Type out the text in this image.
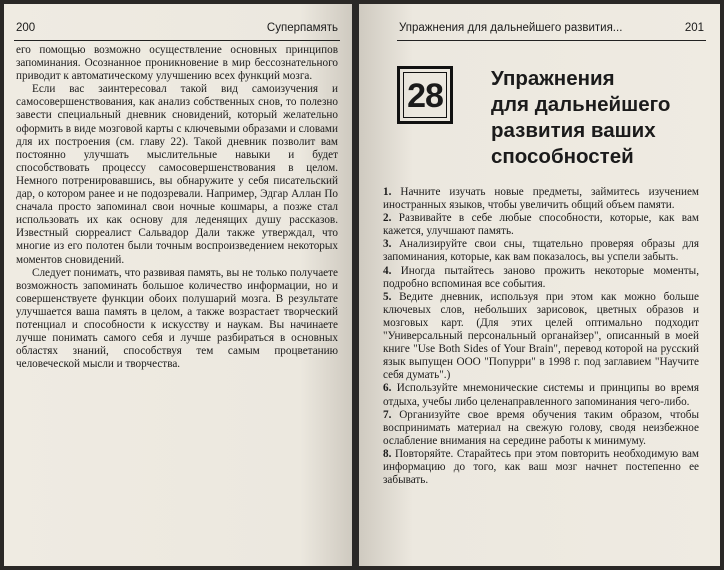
200	Суперпамять

его помощью возможно осуществление основных принципов запоминания. Осознанное проникновение в мир бессознательного приводит к автоматическому улучшению всех функций мозга.

Если вас заинтересовал такой вид самоизучения и самосовершенствования, как анализ собственных снов, то полезно завести специальный дневник сновидений, который желательно оформить в виде мозговой карты с ключевыми образами и словами для их построения (см. главу 22). Такой дневник позволит вам постоянно улучшать мыслительные навыки и будет способствовать процессу самосовершенствования в целом. Немного потренировавшись, вы обнаружите у себя писательский дар, о котором ранее и не подозревали. Например, Эдгар Аллан По сначала просто запоминал свои ночные кошмары, а позже стал использовать их как основу для леденящих душу рассказов. Известный сюрреалист Сальвадор Дали также утверждал, что многие из его полотен были точным воспроизведением некоторых моментов сновидений.

Следует понимать, что развивая память, вы не только получаете возможность запоминать большое количество информации, но и совершенствуете функции обоих полушарий мозга. В результате улучшается ваша память в целом, а также возрастает творческий потенциал и способности к искусству и наукам. Вы начинаете лучше понимать самого себя и лучше разбираться в основных областях знаний, способствуя тем самым процветанию человеческой мысли и творчества.

Упражнения для дальнейшего развития...	201
28 Упражнения
для дальнейшего
развития ваших
способностей

1. Начните изучать новые предметы, займитесь изучением иностранных языков, чтобы увеличить общий объем памяти.

2. Развивайте в себе любые способности, которые, как вам кажется, улучшают память.

3. Анализируйте свои сны, тщательно проверяя образы для запоминания, которые, как вам показалось, вы успели забыть.

4. Иногда пытайтесь заново прожить некоторые моменты, подробно вспоминая все события.

5. Ведите дневник, используя при этом как можно больше ключевых слов, небольших зарисовок, цветных образов и мозговых карт. (Для этих целей оптимально подходит "Универсальный персональный органайзер", описанный в моей книге "Use Both Sides of Your Brain", перевод которой на русский язык выпущен ООО "Попурри" в 1998 г. под заглавием "Научите себя думать".)

6. Используйте мнемонические системы и принципы во время отдыха, учебы либо целенаправленного запоминания чего-либо.

7. Организуйте свое время обучения таким образом, чтобы воспринимать материал на свежую голову, сводя неизбежное ослабление внимания на середине работы к минимуму.

8. Повторяйте. Старайтесь при этом повторить необходимую вам информацию до того, как ваш мозг начнет постепенно ее забывать.
